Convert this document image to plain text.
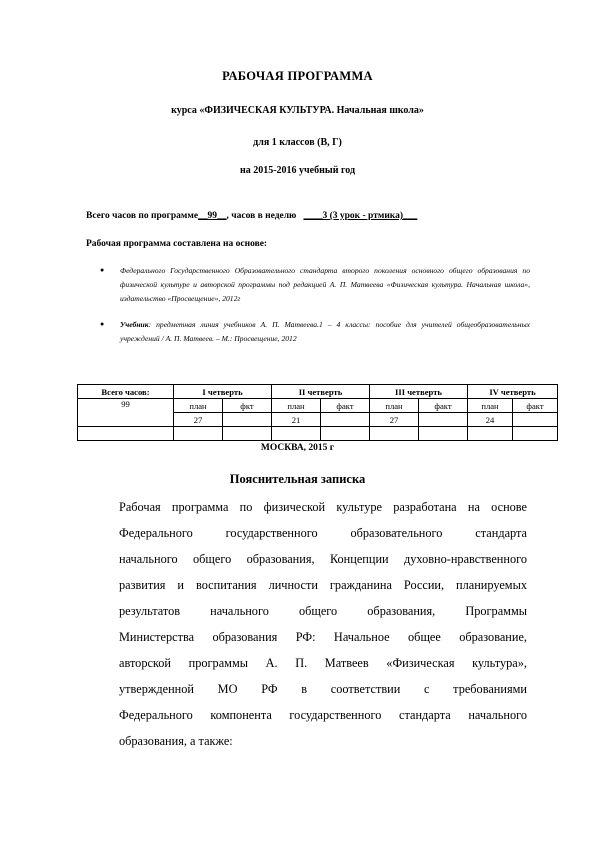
РАБОЧАЯ ПРОГРАММА
курса «ФИЗИЧЕСКАЯ КУЛЬТУРА. Начальная школа»
для 1 классов (В, Г)
на 2015-2016 учебный год
Всего часов по программе__99__, часов в неделю ____3 (3 урок - ртмика)___
Рабочая программа составлена на основе:
● Федерального Государственного Образовательного стандарта второго поколения основного общего образования по физической культуре и авторской программы под редакцией А. П. Матвеева «Физическая культура. Начальная школа», издательство «Просвещение», 2012г
● Учебник: предметная линия учебников А. П. Матвеева.1 – 4 классы: пособие для учителей общеобразовательных учреждений / А. П. Матвеев. – М.: Просвещение, 2012
Всего часов:	I четверть		II четверть		III четверть		IV четверть	
99	план	фкт	план	факт	план	факт	план	факт
	27		21		27		24	

МОСКВА, 2015 г
Пояснительная записка
Рабочая программа по физической культуре разработана на основе
Федерального государственного образовательного стандарта
начального общего образования, Концепции духовно-нравственного
развития и воспитания личности гражданина России, планируемых
результатов начального общего образования, Программы
Министерства образования РФ: Начальное общее образование,
авторской программы А. П. Матвеев «Физическая культура»,
утвержденной МО РФ в соответствии с требованиями
Федерального компонента государственного стандарта начального
образования, а также:
